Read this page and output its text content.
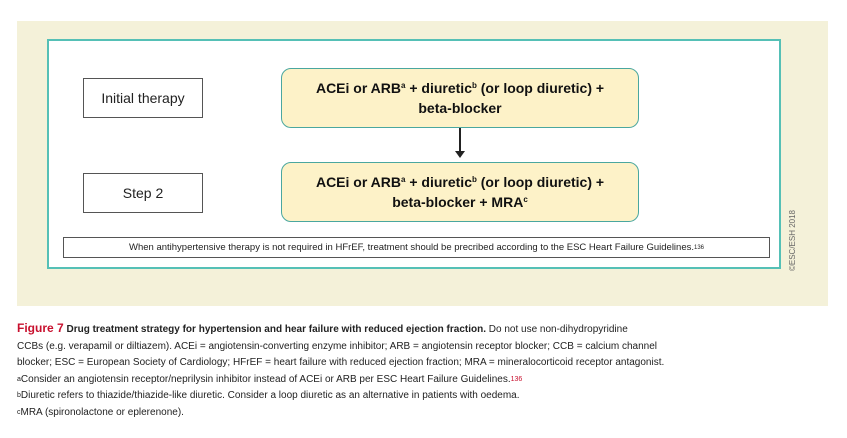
Initial therapy
ACEi or $ARB^a$ + diuretic$^b$ (or loop diuretic) +
beta-blocker
Step 2
ACEi or $ARB^a$ + diuretic$^b$ (or loop diuretic) +
beta-blocker + $MRA^c$
When antihypertensive therapy is not required in HFrEF, treatment should be precribed according to the ESC Heart Failure Guidelines. 136	©ESC/ESH 2018
Figure 7 Drug treatment strategy for hypertension and hear failure with reduced ejection fraction. Do not use non-dihydropyridine
CCBs (e.g. verapamil or diltiazem). ACEi = angiotensin-converting enzyme inhibitor; ARB = angiotensin receptor blocker; CCB = calcium channel
blocker; ESC = European Society of Cardiology; HFrEF = heart failure with reduced ejection fraction; MRA = mineralocorticoid receptor antagonist.
$^a$Consider an angiotensin receptor/neprilysin inhibitor instead of ACEi or ARB per ESC Heart Failure Guidelines.$^{136}$
$^b$Diuretic refers to thiazide/thiazide-like diuretic. Consider a loop diuretic as an alternative in patients with oedema.
$^c$MRA (spironolactone or eplerenone).
